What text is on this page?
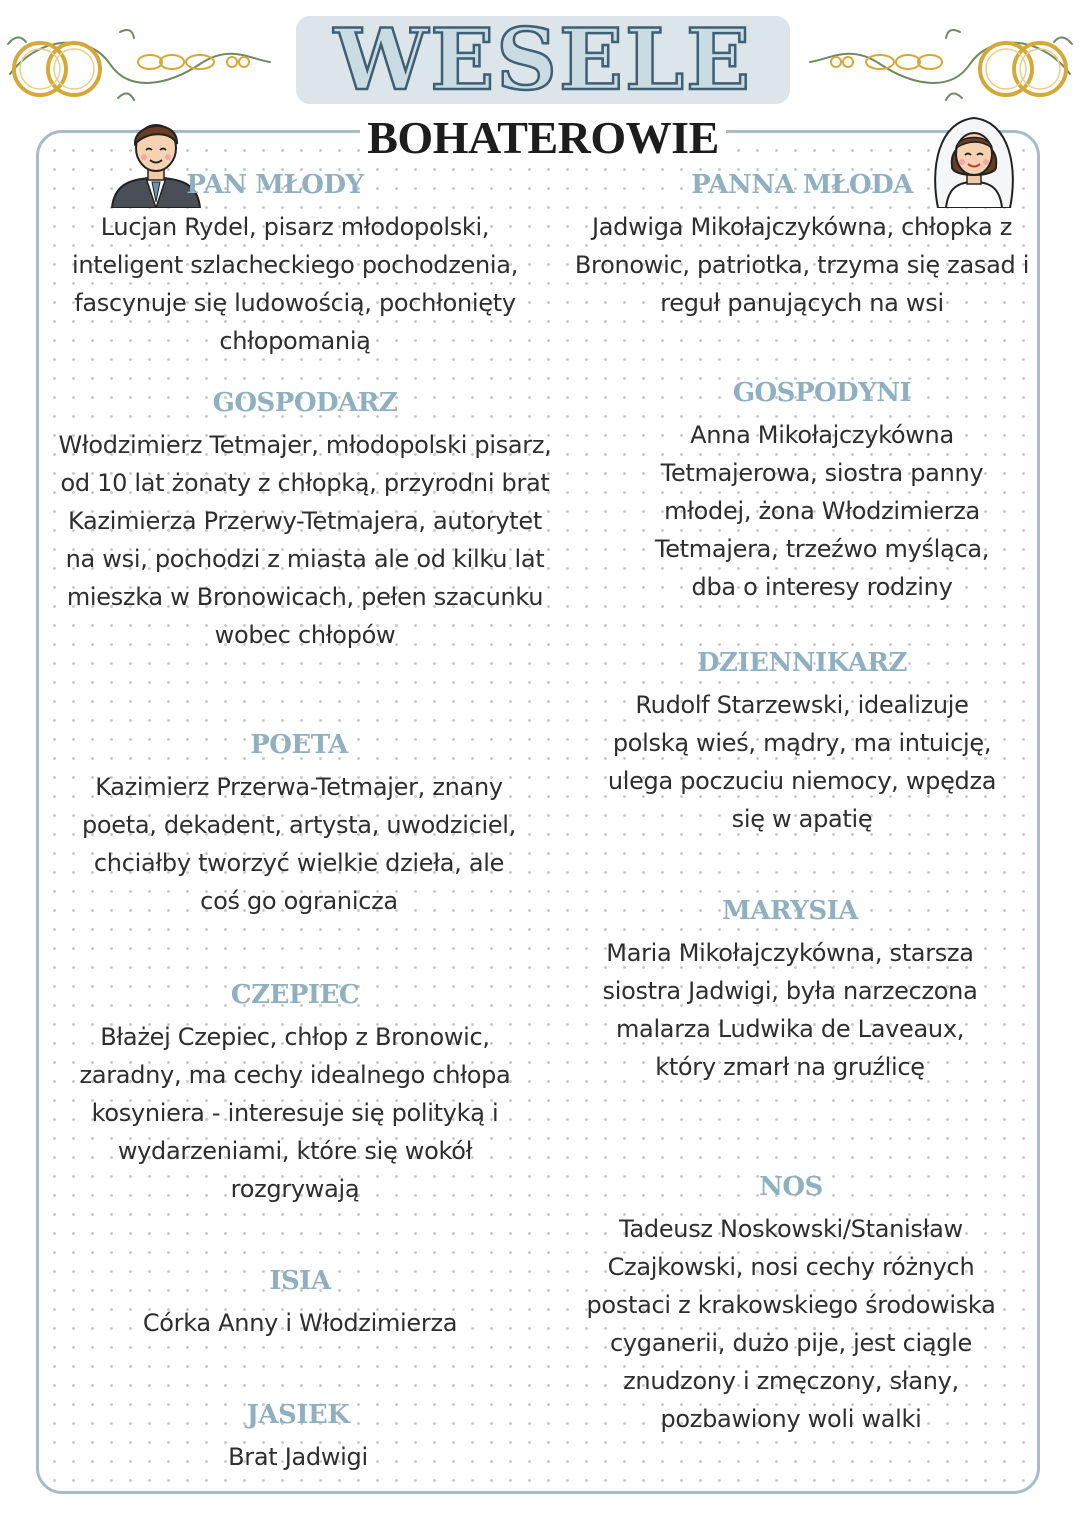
WESELE
BOHATEROWIE
PAN MŁODY

Lucjan Rydel, pisarz młodopolski, inteligent szlacheckiego pochodzenia, fascynuje się ludowością, pochłonięty chłopomanią

GOSPODARZ

Włodzimierz Tetmajer, młodopolski pisarz, od 10 lat żonaty z chłopką, przyrodni brat Kazimierza Przerwy-Tetmajera, autorytet na wsi, pochodzi z miasta ale od kilku lat mieszka w Bronowicach, pełen szacunku wobec chłopów

POETA

Kazimierz Przerwa-Tetmajer, znany poeta, dekadent, artysta, uwodziciel, chciałby tworzyć wielkie dzieła, ale coś go ogranicza

CZEPIEC

Błażej Czepiec, chłop z Bronowic, zaradny, ma cechy idealnego chłopa kosyniera - interesuje się polityką i wydarzeniami, które się wokół rozgrywają

ISIA

Córka Anny i Włodzimierza

JASIEK

Brat Jadwigi

PANNA MŁODA

Jadwiga Mikołajczykówna, chłopka z Bronowic, patriotka, trzyma się zasad i reguł panujących na wsi

GOSPODYNI

Anna Mikołajczykówna Tetmajerowa, siostra panny młodej, żona Włodzimierza Tetmajera, trzeźwo myśląca, dba o interesy rodziny

DZIENNIKARZ

Rudolf Starzewski, idealizuje polską wieś, mądry, ma intuicję, ulega poczuciu niemocy, wpędza się w apatię

MARYSIA

Maria Mikołajczykówna, starsza siostra Jadwigi, była narzeczona malarza Ludwika de Laveaux, który zmarł na gruźlicę

NOS

Tadeusz Noskowski/Stanisław Czajkowski, nosi cechy różnych postaci z krakowskiego środowiska cyganerii, dużo pije, jest ciągle znudzony i zmęczony, słany, pozbawiony woli walki
